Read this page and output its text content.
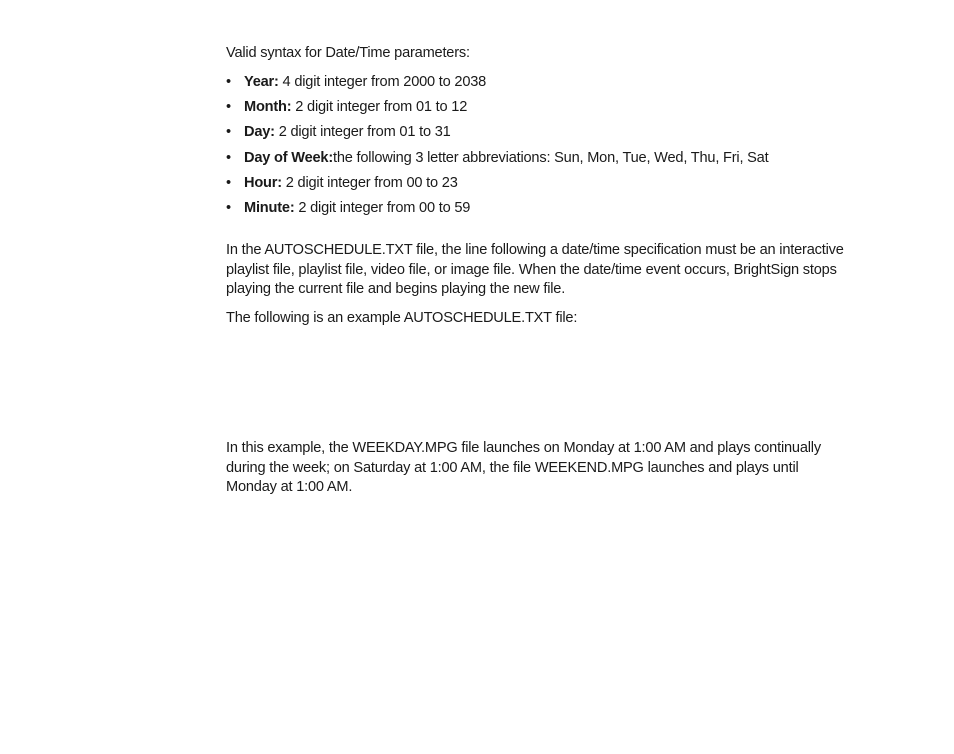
Valid syntax for Date/Time parameters:

• Year: 4 digit integer from 2000 to 2038
• Month: 2 digit integer from 01 to 12
• Day: 2 digit integer from 01 to 31
• Day of Week:the following 3 letter abbreviations: Sun, Mon, Tue, Wed, Thu, Fri, Sat
• Hour: 2 digit integer from 00 to 23
• Minute: 2 digit integer from 00 to 59

In the AUTOSCHEDULE.TXT file, the line following a date/time specification must be an interactive playlist file, playlist file, video file, or image file. When the date/time event occurs, BrightSign stops playing the current file and begins playing the new file.

The following is an example AUTOSCHEDULE.TXT file:

In this example, the WEEKDAY.MPG file launches on Monday at 1:00 AM and plays continually during the week; on Saturday at 1:00 AM, the file WEEKEND.MPG launches and plays until Monday at 1:00 AM.
